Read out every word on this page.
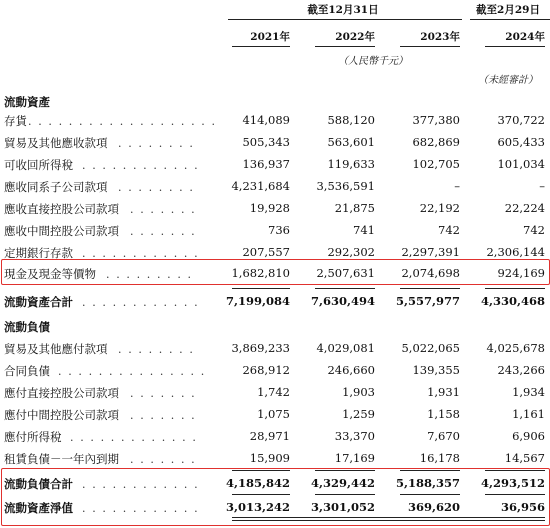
截至12月31日	截至2月29日
2021年	2022年	2023年	2024年
（人民幣千元）
（未經審計）
流動資產
存貨 . . . . . . . . . . . . . . . . . . .	414,089	588,120	377,380	370,722
貿易及其他應收款項 . . . . . . . .	505,343	563,601	682,869	605,433
可收回所得稅 . . . . . . . . . . . .	136,937	119,633	102,705	101,034
應收同系子公司款項 . . . . . . . .	4,231,684	3,536,591	–	–
應收直接控股公司款項 . . . . . . .	19,928	21,875	22,192	22,224
應收中間控股公司款項 . . . . . . .	736	741	742	742
定期銀行存款 . . . . . . . . . . . .	207,557	292,302	2,297,391	2,306,144
現金及現金等價物 . . . . . . . . .	1,682,810	2,507,631	2,074,698	924,169
流動資產合計 . . . . . . . . . . . .	7,199,084	7,630,494	5,557,977	4,330,468
流動負債
貿易及其他應付款項 . . . . . . . .	3,869,233	4,029,081	5,022,065	4,025,678
合同負債 . . . . . . . . . . . . . . .	268,912	246,660	139,355	243,266
應付直接控股公司款項 . . . . . . .	1,742	1,903	1,931	1,934
應付中間控股公司款項 . . . . . . .	1,075	1,259	1,158	1,161
應付所得稅 . . . . . . . . . . . . .	28,971	33,370	7,670	6,906
租賃負債－一年內到期 . . . . . . .	15,909	17,169	16,178	14,567
流動負債合計 . . . . . . . . . . . .	4,185,842	4,329,442	5,188,357	4,293,512
流動資產淨值 . . . . . . . . . . . .	3,013,242	3,301,052	369,620	36,956
